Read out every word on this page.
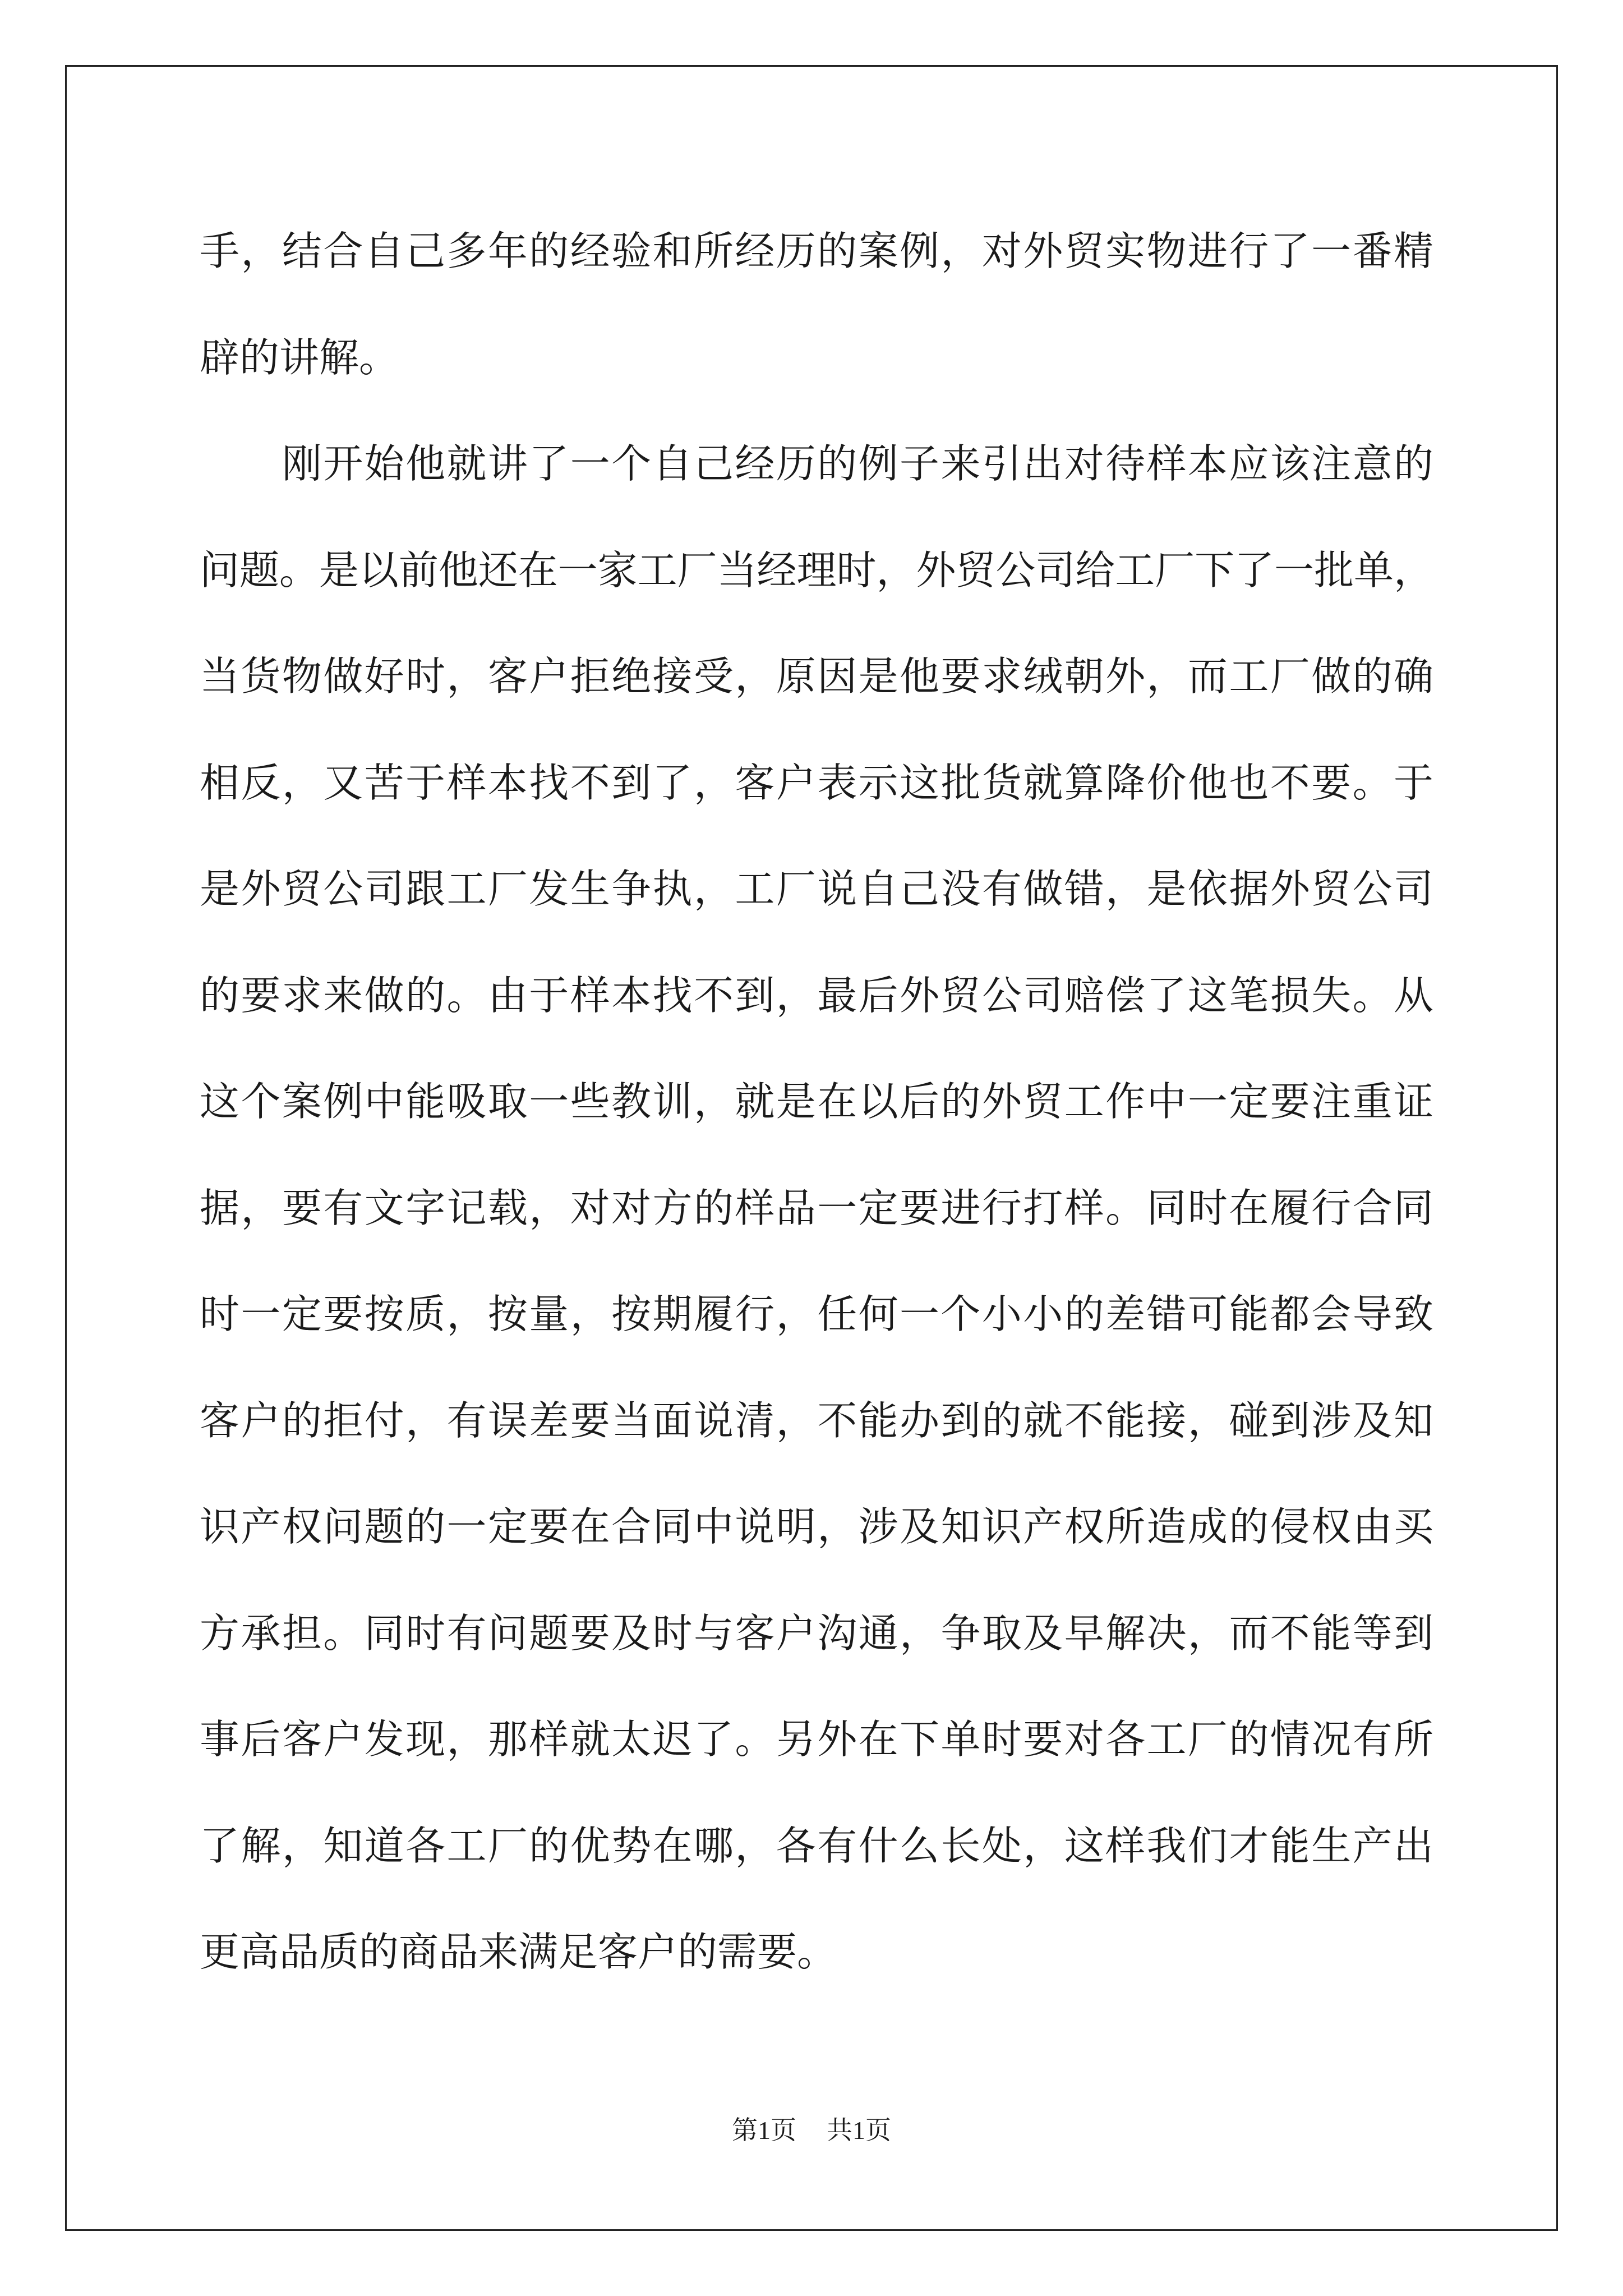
手，结合自己多年的经验和所经历的案例，对外贸实物进行了一番精
辟的讲解。
　　刚开始他就讲了一个自己经历的例子来引出对待样本应该注意的
问题。是以前他还在一家工厂当经理时，外贸公司给工厂下了一批单，
当货物做好时，客户拒绝接受，原因是他要求绒朝外，而工厂做的确
相反，又苦于样本找不到了，客户表示这批货就算降价他也不要。于
是外贸公司跟工厂发生争执，工厂说自己没有做错，是依据外贸公司
的要求来做的。由于样本找不到，最后外贸公司赔偿了这笔损失。从
这个案例中能吸取一些教训，就是在以后的外贸工作中一定要注重证
据，要有文字记载，对对方的样品一定要进行打样。同时在履行合同
时一定要按质，按量，按期履行，任何一个小小的差错可能都会导致
客户的拒付，有误差要当面说清，不能办到的就不能接，碰到涉及知
识产权问题的一定要在合同中说明，涉及知识产权所造成的侵权由买
方承担。同时有问题要及时与客户沟通，争取及早解决，而不能等到
事后客户发现，那样就太迟了。另外在下单时要对各工厂的情况有所
了解，知道各工厂的优势在哪，各有什么长处，这样我们才能生产出
更高品质的商品来满足客户的需要。
第1页 共1页
